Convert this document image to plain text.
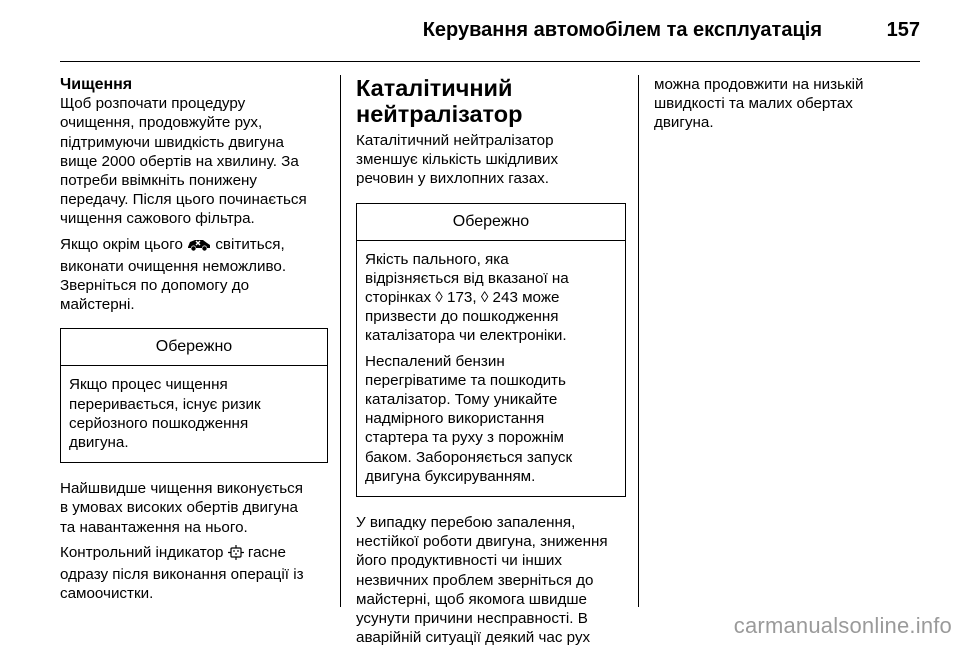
Керування автомобілем та експлуатація	157
Чищення

Щоб розпочати процедуру
очищення, продовжуйте рух,
підтримуючи швидкість двигуна
вище 2000 обертів на хвилину. За
потреби ввімкніть понижену
передачу. Після цього починається
чищення сажового фільтра.

Якщо окрім цього  світиться,
виконати очищення неможливо.
Зверніться по допомогу до
майстерні.

Обережно

Якщо процес чищення
переривається, існує ризик
серйозного пошкодження
двигуна.

Найшвидше чищення виконується
в умовах високих обертів двигуна
та навантаження на нього.

Контрольний індикатор  гасне
одразу після виконання операції із
самоочистки.

Каталітичний
нейтралізатор

Каталітичний нейтралізатор
зменшує кількість шкідливих
речовин у вихлопних газах.

Обережно

Якість пального, яка
відрізняється від вказаної на
сторінках ◊ 173, ◊ 243 може
призвести до пошкодження
каталізатора чи електроніки.

Неспалений бензин
перегріватиме та пошкодить
каталізатор. Тому уникайте
надмірного використання
стартера та руху з порожнім
баком. Забороняється запуск
двигуна буксируванням.

У випадку перебою запалення,
нестійкої роботи двигуна, зниження
його продуктивності чи інших
незвичних проблем зверніться до
майстерні, щоб якомога швидше
усунути причини несправності. В
аварійній ситуації деякий час рух

можна продовжити на низькій
швидкості та малих обертах
двигуна.

carmanualsonline.info
